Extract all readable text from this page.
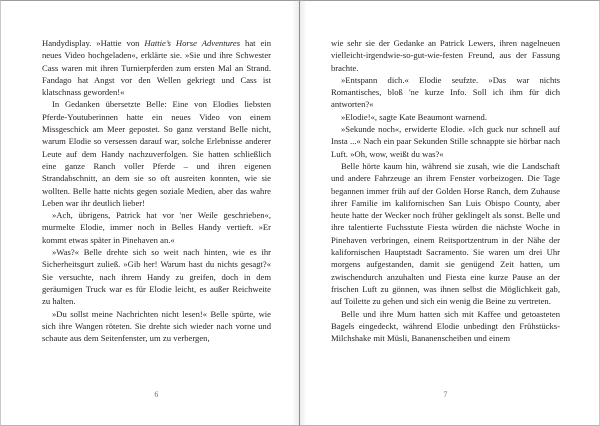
Handydisplay. »Hattie von Hattie’s Horse Adventures hat ein neues Video hochgeladen«, erklärte sie. »Sie und ihre Schwester Cass waren mit ihren Turnierpferden zum ersten Mal an Strand. Fandago hat Angst vor den Wellen gekriegt und Cass ist klatschnass geworden!«

In Gedanken übersetzte Belle: Eine von Elodies liebsten Pferde-Youtuberinnen hatte ein neues Video von einem Missgeschick am Meer gepostet. So ganz verstand Belle nicht, warum Elodie so versessen darauf war, solche Erlebnisse anderer Leute auf dem Handy nachzuverfolgen. Sie hatten schließlich eine ganze Ranch voller Pferde – und ihren eigenen Strandabschnitt, an dem sie so oft ausreiten konnten, wie sie wollten. Belle hatte nichts gegen soziale Medien, aber das wahre Leben war ihr deutlich lieber!

»Ach, übrigens, Patrick hat vor 'ner Weile geschrieben«, murmelte Elodie, immer noch in Belles Handy vertieft. »Er kommt etwas später in Pinehaven an.«

»Was?« Belle drehte sich so weit nach hinten, wie es ihr Sicherheitsgurt zuließ. »Gib her! Warum hast du nichts gesagt?« Sie versuchte, nach ihrem Handy zu greifen, doch in dem geräumigen Truck war es für Elodie leicht, es außer Reichweite zu halten.

»Du sollst meine Nachrichten nicht lesen!« Belle spürte, wie sich ihre Wangen röteten. Sie drehte sich wieder nach vorne und schaute aus dem Seitenfenster, um zu verbergen,

6

wie sehr sie der Gedanke an Patrick Lewers, ihren nagelneuen vielleicht-irgendwie-so-gut-wie-festen Freund, aus der Fassung brachte.

»Entspann dich.« Elodie seufzte. »Das war nichts Romantisches, bloß 'ne kurze Info. Soll ich ihm für dich antworten?«

»Elodie!«, sagte Kate Beaumont warnend.

»Sekunde noch«, erwiderte Elodie. »Ich guck nur schnell auf Insta ...« Nach ein paar Sekunden Stille schnappte sie hörbar nach Luft. »Oh, wow, weißt du was?«

Belle hörte kaum hin, während sie zusah, wie die Landschaft und andere Fahrzeuge an ihrem Fenster vorbeizogen. Die Tage begannen immer früh auf der Golden Horse Ranch, dem Zuhause ihrer Familie im kalifornischen San Luis Obispo County, aber heute hatte der Wecker noch früher geklingelt als sonst. Belle und ihre talentierte Fuchsstute Fiesta würden die nächste Woche in Pinehaven verbringen, einem Reitsportzentrum in der Nähe der kalifornischen Hauptstadt Sacramento. Sie waren um drei Uhr morgens aufgestanden, damit sie genügend Zeit hatten, um zwischendurch anzuhalten und Fiesta eine kurze Pause an der frischen Luft zu gönnen, was ihnen selbst die Möglichkeit gab, auf Toilette zu gehen und sich ein wenig die Beine zu vertreten.

Belle und ihre Mum hatten sich mit Kaffee und getoasteten Bagels eingedeckt, während Elodie unbedingt den Frühstücks-Milchshake mit Müsli, Bananenscheiben und einem

7
